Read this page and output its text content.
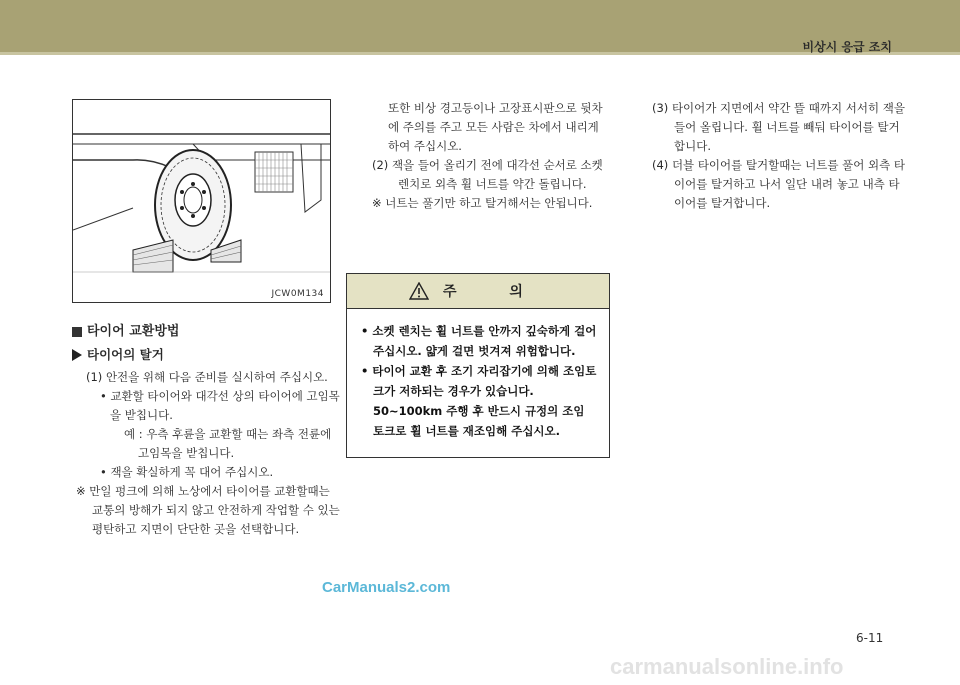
비상시 응급 조치
JCW0M134
타이어 교환방법
타이어의 탈거

(1) 안전을 위해 다음 준비를 실시하여 주십시오.

• 교환할 타이어와 대각선 상의 타이어에 고임목을 받칩니다.

예 : 우측 후륜을 교환할 때는 좌측 전륜에 고임목을 받칩니다.

• 잭을 확실하게 꼭 대어 주십시오.

※ 만일 펑크에 의해 노상에서 타이어를 교환할때는 교통의 방해가 되지 않고 안전하게 작업할 수 있는 평탄하고 지면이 단단한 곳을 선택합니다.

또한 비상 경고등이나 고장표시판으로 뒷차에 주의를 주고 모든 사람은 차에서 내리게 하여 주십시오.

(2) 잭을 들어 올리기 전에 대각선 순서로 소켓렌치로 외측 휠 너트를 약간 돌립니다.

※ 너트는 풀기만 하고 탈거해서는 안됩니다.

주 의

• 소켓 렌치는 휠 너트를 안까지 깊숙하게 걸어 주십시오. 얇게 걸면 벗겨져 위험합니다.

• 타이어 교환 후 조기 자리잡기에 의해 조임토크가 저하되는 경우가 있습니다. 50~100km 주행 후 반드시 규정의 조임 토크로 휠 너트를 재조임해 주십시오.

(3) 타이어가 지면에서 약간 뜰 때까지 서서히 잭을 들어 올립니다. 휠 너트를 빼둬 타이어를 탈거합니다.

(4) 더블 타이어를 탈거할때는 너트를 풀어 외측 타이어를 탈거하고 나서 일단 내려 놓고 내측 타이어를 탈거합니다.

CarManuals2.com
6-11
carmanualsonline.info
